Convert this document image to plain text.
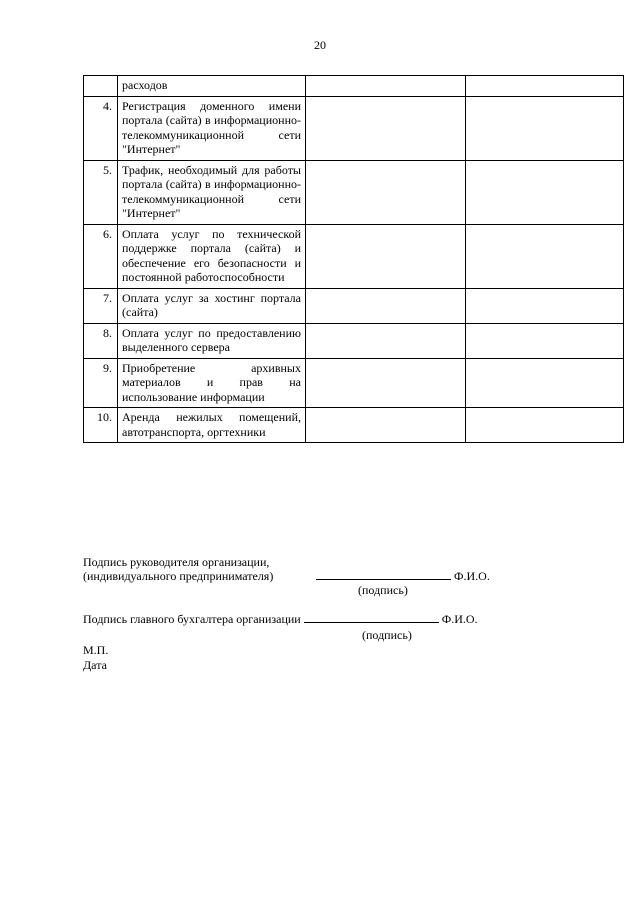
20
	расходов		
4.	Регистрация доменного имени портала (сайта) в информационно-телекоммуникационной сети "Интернет"		
5.	Трафик, необходимый для работы портала (сайта) в информационно-телекоммуникационной сети "Интернет"		
6.	Оплата услуг по технической поддержке портала (сайта) и обеспечение его безопасности и постоянной работоспособности		
7.	Оплата услуг за хостинг портала (сайта)		
8.	Оплата услуг по предоставлению выделенного сервера		
9.	Приобретение архивных материалов и прав на использование информации		
10.	Аренда нежилых помещений, автотранспорта, оргтехники		
Подпись руководителя организации,
(индивидуального предпринимателя)	Ф.И.О.
(подпись)
Подпись главного бухгалтера организации	Ф.И.О.
(подпись)
М.П.
Дата
